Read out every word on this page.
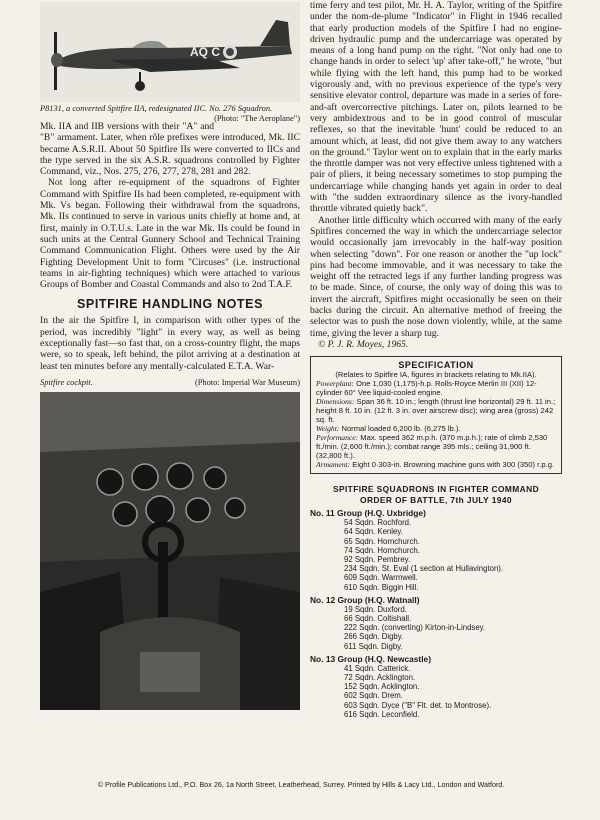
AQ C
P8131, a converted Spitfire IIA, redesignated IIC. No. 276 Squadron.
(Photo: "The Aeroplane")

Mk. IIA and IIB versions with their "A" and "B" armament. Later, when rôle prefixes were introduced, Mk. IIC became A.S.R.II. About 50 Spitfire IIs were converted to IICs and the type served in the six A.S.R. squadrons controlled by Fighter Command, viz., Nos. 275, 276, 277, 278, 281 and 282.

Not long after re-equipment of the squadrons of Fighter Command with Spitfire IIs had been completed, re-equipment with Mk. Vs began. Following their withdrawal from the squadrons, Mk. IIs continued to serve in various units chiefly at home and, at first, mainly in O.T.U.s. Late in the war Mk. IIs could be found in such units at the Central Gunnery School and Technical Training Command Communication Flight. Others were used by the Air Fighting Development Unit to form "Circuses" (i.e. instructional teams in air-fighting techniques) which were attached to various Groups of Bomber and Coastal Commands and also to 2nd T.A.F.

SPITFIRE HANDLING NOTES

In the air the Spitfire I, in comparison with other types of the period, was incredibly "light" in every way, as well as being exceptionally fast—so fast that, on a cross-country flight, the maps were, so to speak, left behind, the pilot arriving at a destination at least ten minutes before any mentally-calculated E.T.A. War-

Spitfire cockpit.	(Photo: Imperial War Museum)

time ferry and test pilot, Mr. H. A. Taylor, writing of the Spitfire under the nom-de-plume "Indicator" in Flight in 1946 recalled that early production models of the Spitfire I had no engine-driven hydraulic pump and the undercarriage was operated by means of a long hand pump on the right. "Not only had one to change hands in order to select 'up' after take-off," he wrote, "but while flying with the left hand, this pump had to be worked vigorously and, with no previous experience of the type's very sensitive elevator control, departure was made in a series of fore-and-aft overcorrective pitchings. Later on, pilots learned to be very ambidextrous and to be in good control of muscular reflexes, so that the inevitable 'hunt' could be reduced to an amount which, at least, did not give them away to any watchers on the ground." Taylor went on to explain that in the early marks the throttle damper was not very effective unless tightened with a pair of pliers, it being necessary sometimes to stop pumping the undercarriage while changing hands yet again in order to deal with "the sudden extraordinary silence as the ivory-handled throttle vibrated quietly back".

Another little difficulty which occurred with many of the early Spitfires concerned the way in which the undercarriage selector would occasionally jam irrevocably in the half-way position when selecting "down". For one reason or another the "up lock" pins had become immovable, and it was necessary to take the weight off the retracted legs if any further landing progress was to be made. Since, of course, the only way of doing this was to invert the aircraft, Spitfires might occasionally be seen on their backs during the circuit. An alternative method of freeing the selector was to push the nose down violently, while, at the same time, giving the lever a sharp tug.

© P. J. R. Moyes, 1965.

SPECIFICATION
(Relates to Spitfire IA, figures in brackets relating to Mk.IIA).
Powerplant: One 1,030 (1,175)-h.p. Rolls-Royce Merlin III (XII) 12-cylinder 60° Vee liquid-cooled engine.
Dimensions: Span 36 ft. 10 in.; length (thrust line horizontal) 29 ft. 11 in.; height 8 ft. 10 in. (12 ft. 3 in. over airscrew disc); wing area (gross) 242 sq. ft.
Weight: Normal loaded 6,200 lb. (6,275 lb.).
Performance: Max. speed 362 m.p.h. (370 m.p.h.); rate of climb 2,530 ft./min. (2,600 ft./min.); combat range 395 mls.; ceiling 31,900 ft. (32,800 ft.).
Armament: Eight 0·303-in. Browning machine guns with 300 (350) r.p.g.
SPITFIRE SQUADRONS IN FIGHTER COMMAND
ORDER OF BATTLE, 7th JULY 1940
No. 11 Group (H.Q. Uxbridge)
54 Sqdn. Rochford.
64 Sqdn. Kenley.
65 Sqdn. Hornchurch.
74 Sqdn. Hornchurch.
92 Sqdn. Pembrey.
234 Sqdn. St. Eval (1 section at Hullavington).
609 Sqdn. Warmwell.
610 Sqdn. Biggin Hill.
No. 12 Group (H.Q. Watnall)
19 Sqdn. Duxford.
66 Sqdn. Coltishall.
222 Sqdn. (converting) Kirton-in-Lindsey.
266 Sqdn. Digby.
611 Sqdn. Digby.
No. 13 Group (H.Q. Newcastle)
41 Sqdn. Catterick.
72 Sqdn. Acklington.
152 Sqdn. Acklington.
602 Sqdn. Drem.
603 Sqdn. Dyce ("B" Flt. det. to Montrose).
616 Sqdn. Leconfield.
© Profile Publications Ltd., P.O. Box 26, 1a North Street, Leatherhead, Surrey. Printed by Hills & Lacy Ltd., London and Watford.
